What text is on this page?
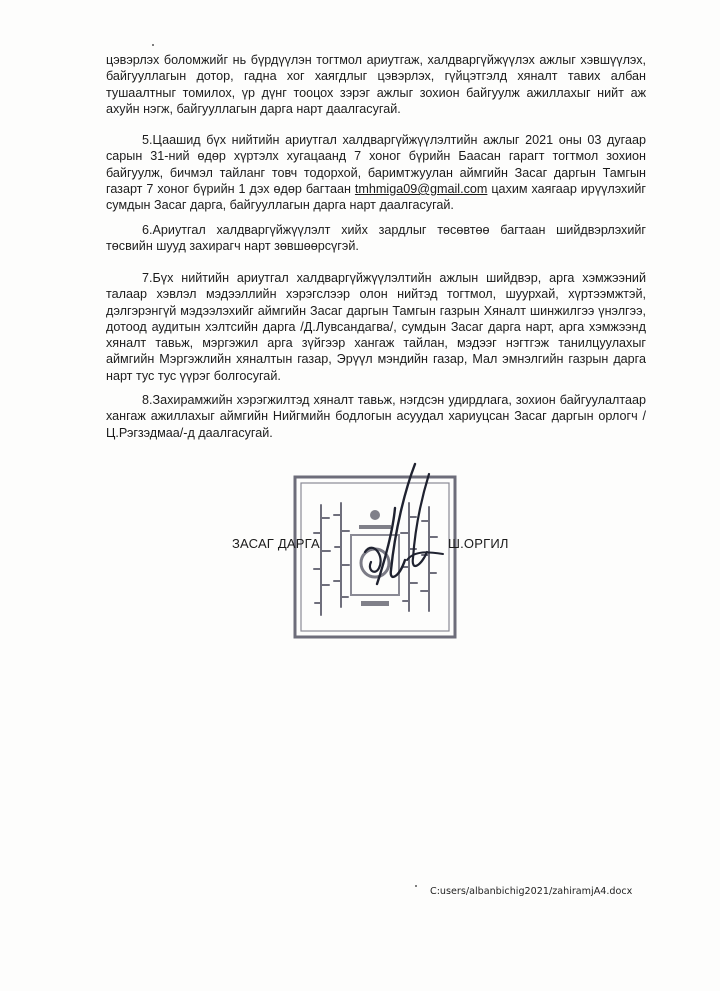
цэвэрлэх боломжийг нь бүрдүүлэн тогтмол ариутгаж, халдваргүйжүүлэх ажлыг хэвшүүлэх, байгууллагын дотор, гадна хог хаягдлыг цэвэрлэх, гүйцэтгэлд хяналт тавих албан тушаалтныг томилох, үр дүнг тооцох зэрэг ажлыг зохион байгуулж ажиллахыг нийт аж ахуйн нэгж, байгууллагын дарга нарт даалгасугай.

5.Цаашид бүх нийтийн ариутгал халдваргүйжүүлэлтийн ажлыг 2021 оны 03 дугаар сарын 31-ний өдөр хүртэлх хугацаанд 7 хоног бүрийн Баасан гарагт тогтмол зохион байгуулж, бичмэл тайланг товч тодорхой, баримтжуулан аймгийн Засаг даргын Тамгын газарт 7 хоног бүрийн 1 дэх өдөр багтаан tmhmiga09@gmail.com цахим хаягаар ирүүлэхийг сумдын Засаг дарга, байгууллагын дарга нарт даалгасугай.

6.Ариутгал халдваргүйжүүлэлт хийх зардлыг төсөвтөө багтаан шийдвэрлэхийг төсвийн шууд захирагч нарт зөвшөөрсүгэй.

7.Бүх нийтийн ариутгал халдваргүйжүүлэлтийн ажлын шийдвэр, арга хэмжээний талаар хэвлэл мэдээллийн хэрэгслээр олон нийтэд тогтмол, шуурхай, хүртээмжтэй, дэлгэрэнгүй мэдээлэхийг аймгийн Засаг даргын Тамгын газрын Хяналт шинжилгээ үнэлгээ, дотоод аудитын хэлтсийн дарга /Д.Лувсандагва/, сумдын Засаг дарга нарт, арга хэмжээнд хяналт тавьж, мэргэжил арга зүйгээр хангаж тайлан, мэдээг нэгтгэж танилцуулахыг аймгийн Мэргэжлийн хяналтын газар, Эрүүл мэндийн газар, Мал эмнэлгийн газрын дарга нарт тус тус үүрэг болгосугай.

8.Захирамжийн хэрэгжилтэд хяналт тавьж, нэгдсэн удирдлага, зохион байгуулалтаар хангаж ажиллахыг аймгийн Нийгмийн бодлогын асуудал хариуцсан Засаг даргын орлогч /Ц.Рэгзэдмаа/-д даалгасугай.

ЗАСАГ ДАРГА	Ш.ОРГИЛ
C:users/albanbichig2021/zahiramjA4.docx
